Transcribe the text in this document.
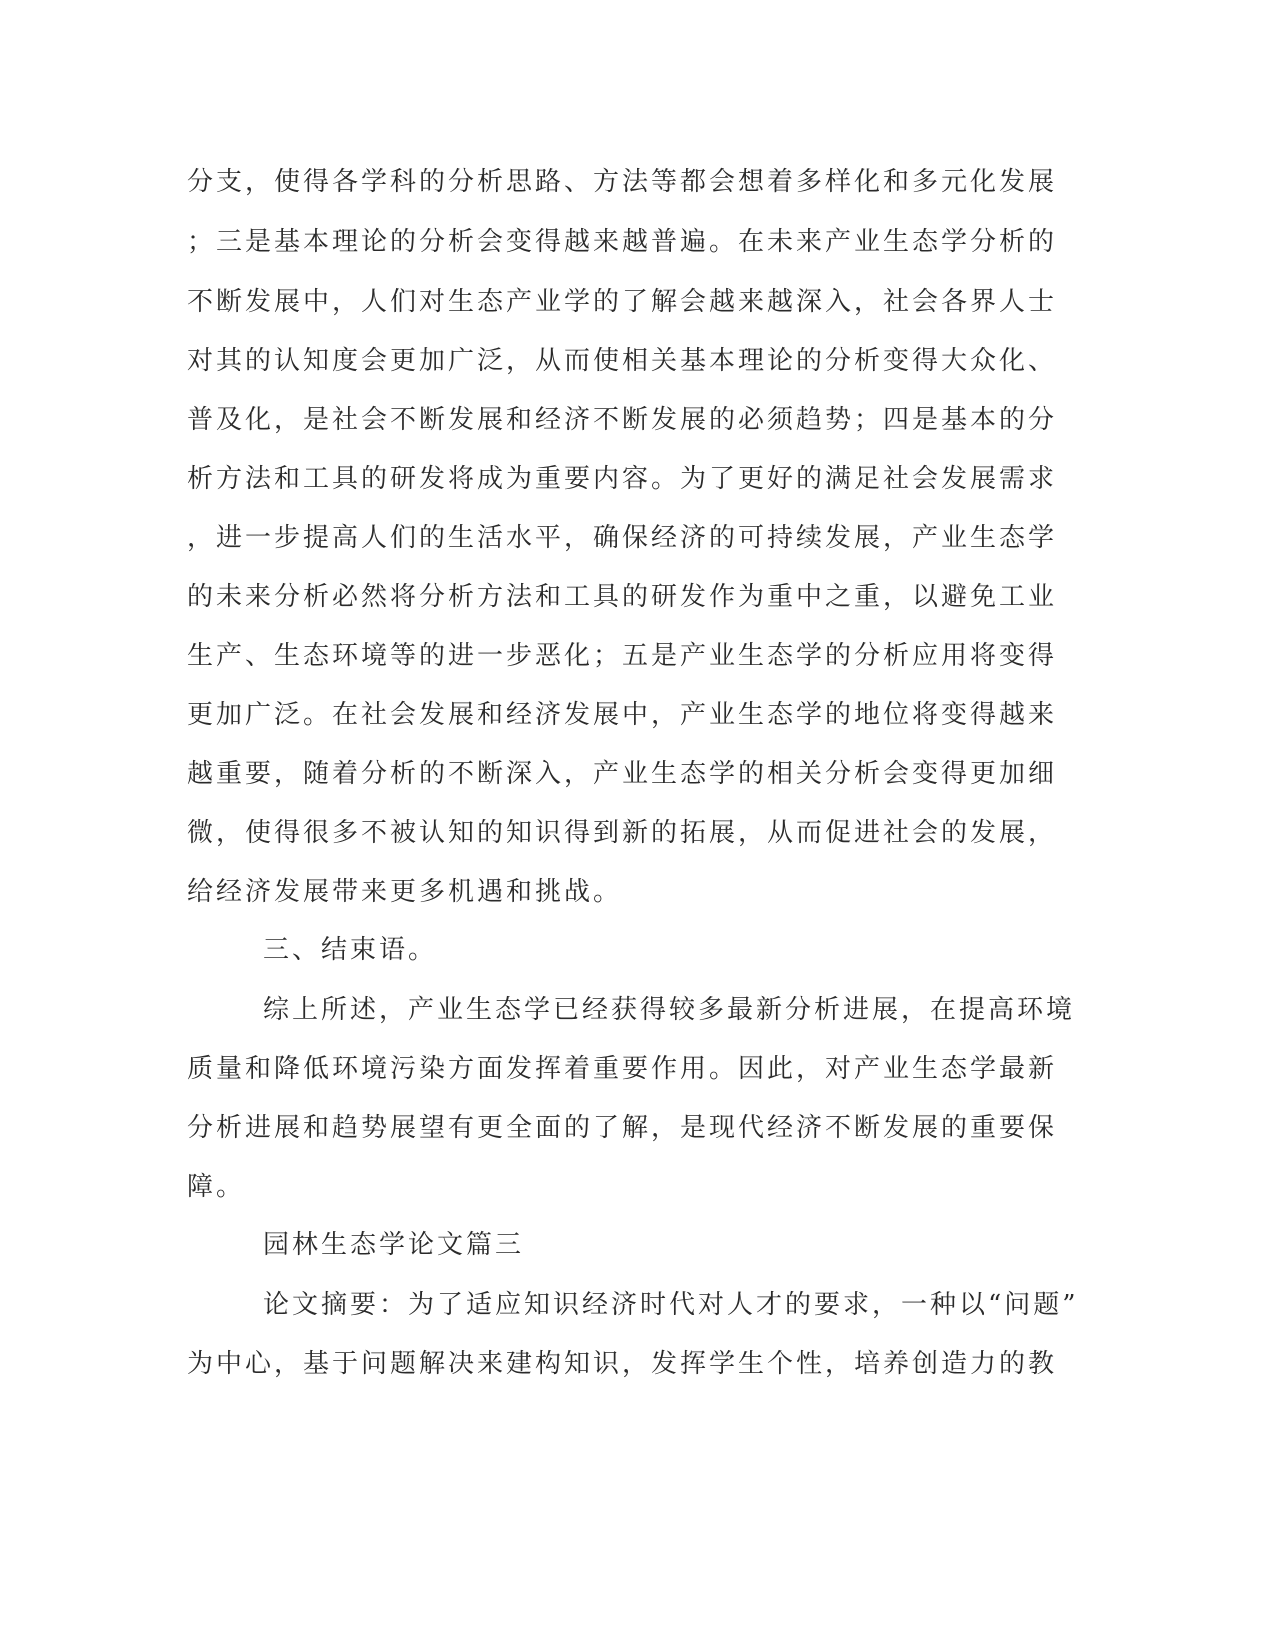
分支，使得各学科的分析思路、方法等都会想着多样化和多元化发展
；三是基本理论的分析会变得越来越普遍。在未来产业生态学分析的
不断发展中，人们对生态产业学的了解会越来越深入，社会各界人士
对其的认知度会更加广泛，从而使相关基本理论的分析变得大众化、
普及化，是社会不断发展和经济不断发展的必须趋势；四是基本的分
析方法和工具的研发将成为重要内容。为了更好的满足社会发展需求
，进一步提高人们的生活水平，确保经济的可持续发展，产业生态学
的未来分析必然将分析方法和工具的研发作为重中之重，以避免工业
生产、生态环境等的进一步恶化；五是产业生态学的分析应用将变得
更加广泛。在社会发展和经济发展中，产业生态学的地位将变得越来
越重要，随着分析的不断深入，产业生态学的相关分析会变得更加细
微，使得很多不被认知的知识得到新的拓展，从而促进社会的发展，
给经济发展带来更多机遇和挑战。
三、结束语。
综上所述，产业生态学已经获得较多最新分析进展，在提高环境
质量和降低环境污染方面发挥着重要作用。因此，对产业生态学最新
分析进展和趋势展望有更全面的了解，是现代经济不断发展的重要保
障。
园林生态学论文篇三
论文摘要：为了适应知识经济时代对人才的要求，一种以“问题”
为中心，基于问题解决来建构知识，发挥学生个性，培养创造力的教
